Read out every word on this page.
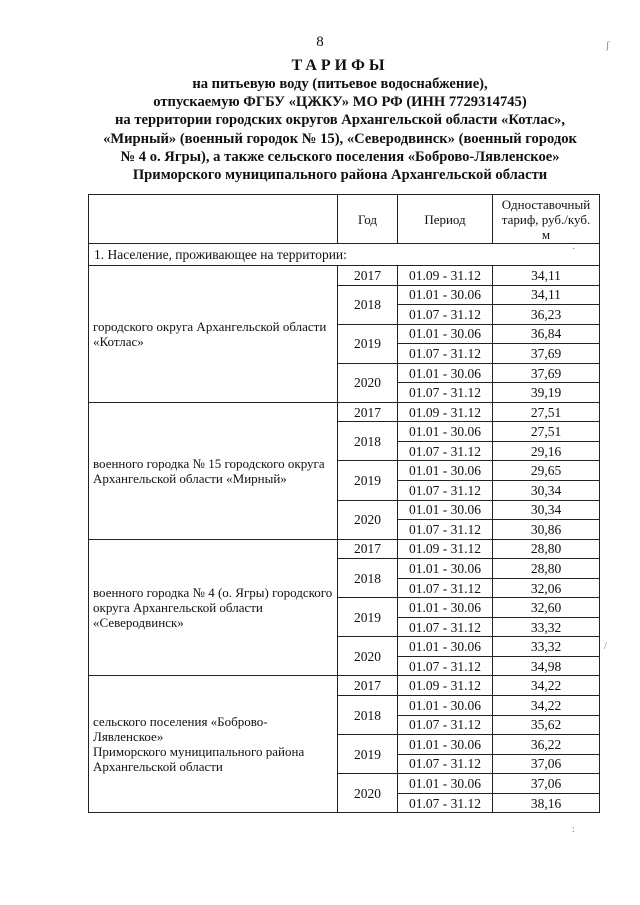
8
ТАРИФЫ
на питьевую воду (питьевое водоснабжение),
отпускаемую ФГБУ «ЦЖКУ» МО РФ (ИНН 7729314745)
на территории городских округов Архангельской области «Котлас»,
«Мирный» (военный городок № 15), «Северодвинск» (военный городок
№ 4 о. Ягры), а также сельского поселения «Боброво-Лявленское»
Приморского муниципального района Архангельской области
	Год	Период	Одноставочный
тариф, руб./куб. м
1. Население, проживающее на территории:			
городского округа Архангельской области
«Котлас»	2017	01.09 - 31.12	34,11
	2018	01.01 - 30.06	34,11
		01.07 - 31.12	36,23
	2019	01.01 - 30.06	36,84
		01.07 - 31.12	37,69
	2020	01.01 - 30.06	37,69
		01.07 - 31.12	39,19
военного городка № 15 городского округа
Архангельской области «Мирный»	2017	01.09 - 31.12	27,51
	2018	01.01 - 30.06	27,51
		01.07 - 31.12	29,16
	2019	01.01 - 30.06	29,65
		01.07 - 31.12	30,34
	2020	01.01 - 30.06	30,34
		01.07 - 31.12	30,86
военного городка № 4 (о. Ягры) городского
округа Архангельской области
«Северодвинск»	2017	01.09 - 31.12	28,80
	2018	01.01 - 30.06	28,80
		01.07 - 31.12	32,06
	2019	01.01 - 30.06	32,60
		01.07 - 31.12	33,32
	2020	01.01 - 30.06	33,32
		01.07 - 31.12	34,98
сельского поселения «Боброво-Лявленское»
Приморского муниципального района
Архангельской области	2017	01.09 - 31.12	34,22
	2018	01.01 - 30.06	34,22
		01.07 - 31.12	35,62
	2019	01.01 - 30.06	36,22
		01.07 - 31.12	37,06
	2020	01.01 - 30.06	37,06
		01.07 - 31.12	38,16
ʃ
·
/
:
